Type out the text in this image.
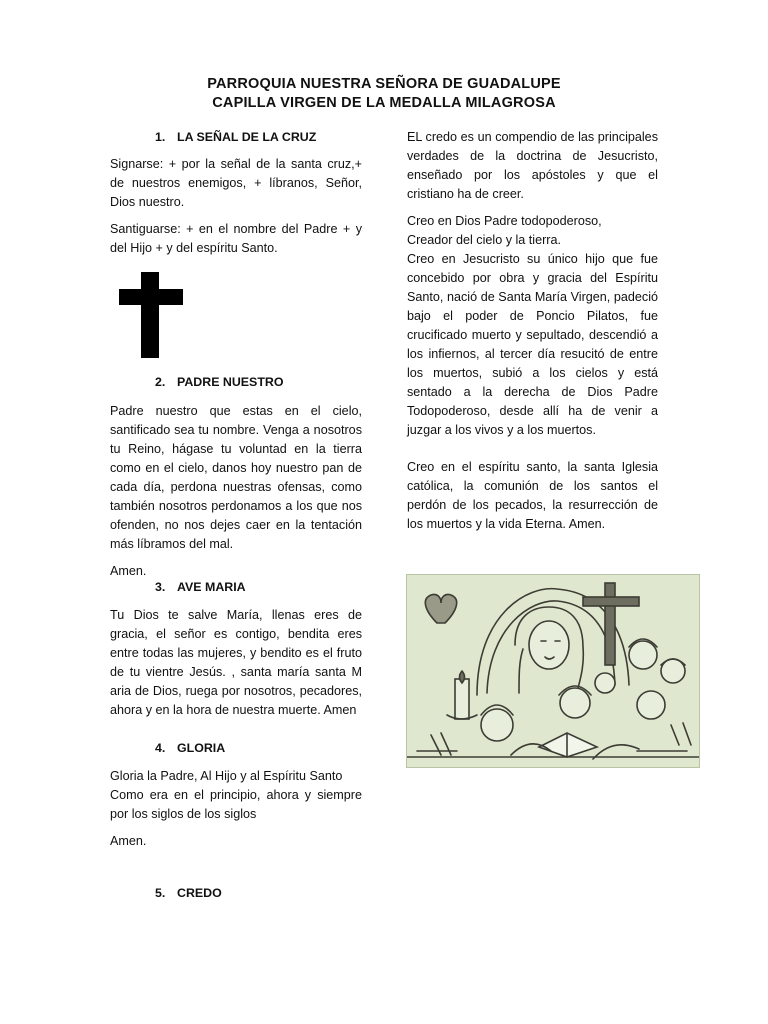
PARROQUIA NUESTRA SEÑORA DE GUADALUPE
CAPILLA VIRGEN DE LA MEDALLA MILAGROSA
1. LA SEÑAL DE LA CRUZ

Signarse: + por la señal de la santa cruz,+ de nuestros enemigos, + líbranos, Señor, Dios nuestro.

Santiguarse: + en el nombre del Padre + y del Hijo + y del espíritu Santo.

2. PADRE NUESTRO

Padre nuestro que estas en el cielo, santificado sea tu nombre. Venga a nosotros tu Reino, hágase tu voluntad en la tierra como en el cielo, danos hoy nuestro pan de cada día, perdona nuestras ofensas, como también nosotros perdonamos a los que nos ofenden, no nos dejes caer en la tentación más líbramos del mal.

Amen.

3. AVE MARIA

Tu Dios te salve María, llenas eres de gracia, el señor es contigo, bendita eres entre todas las mujeres, y bendito es el fruto de tu vientre Jesús. , santa maría santa M aria de Dios, ruega por nosotros, pecadores, ahora y en la hora de nuestra muerte. Amen

4. GLORIA

Gloria la Padre, Al Hijo y al Espíritu Santo

Como era en el principio, ahora y siempre por los siglos de los siglos

Amen.

5. CREDO

EL credo es un compendio de las principales verdades de la doctrina de Jesucristo, enseñado por los apóstoles y que el cristiano ha de creer.

Creo en Dios Padre todopoderoso,

Creador del cielo y la tierra.

Creo en Jesucristo su único hijo que fue concebido por obra y gracia del Espíritu Santo, nació de Santa María Virgen, padeció bajo el poder de Poncio Pilatos, fue crucificado muerto y sepultado, descendió a los infiernos, al tercer día resucitó de entre los muertos, subió a los cielos y está sentado a la derecha de Dios Padre Todopoderoso, desde allí ha de venir a juzgar a los vivos y a los muertos.

Creo en el espíritu santo, la santa Iglesia católica, la comunión de los santos el perdón de los pecados, la resurrección de los muertos y la vida Eterna. Amen.
